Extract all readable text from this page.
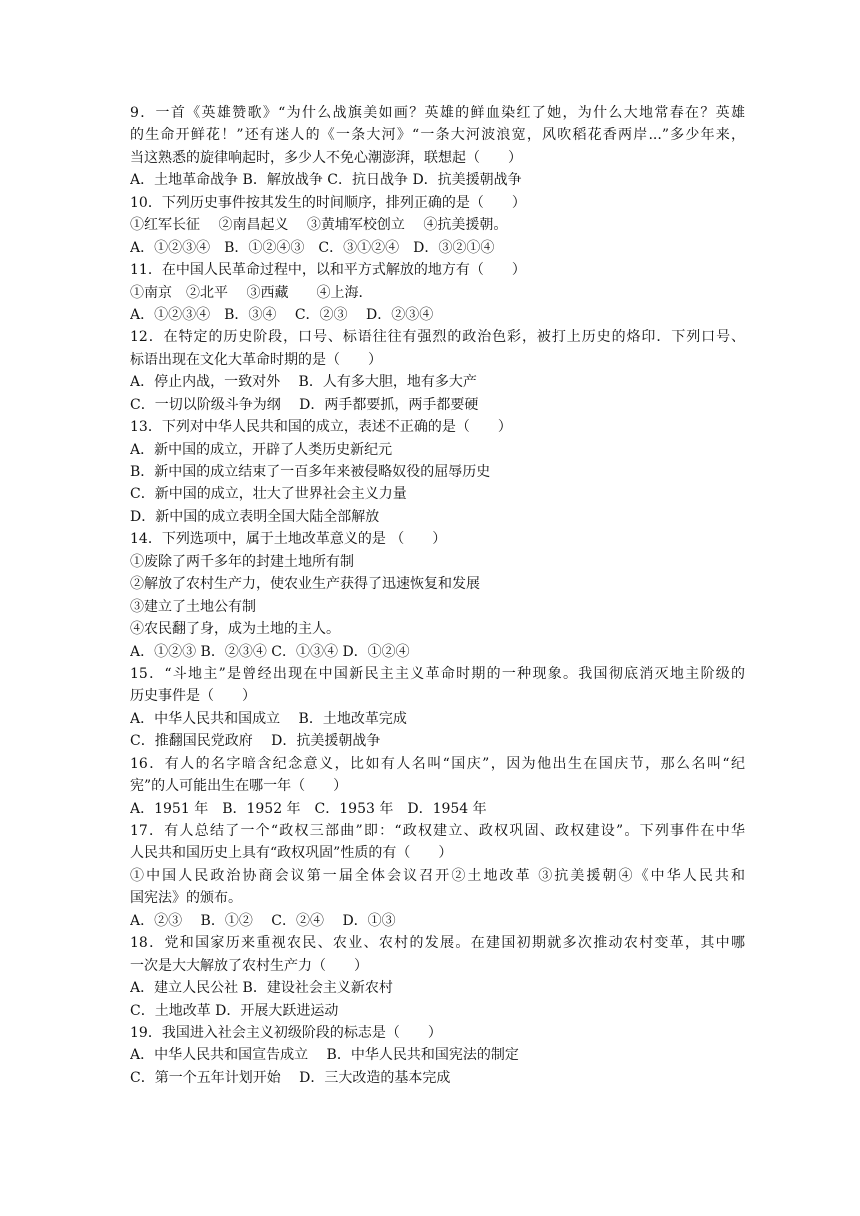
9．一首《英雄赞歌》“为什么战旗美如画？英雄的鲜血染红了她，为什么大地常春在？英雄
的生命开鲜花！”还有迷人的《一条大河》“一条大河波浪宽，风吹稻花香两岸...”多少年来，
当这熟悉的旋律响起时，多少人不免心潮澎湃，联想起（　　）
A．土地革命战争 B．解放战争 C．抗日战争 D．抗美援朝战争
10．下列历史事件按其发生的时间顺序，排列正确的是（　　）
①红军长征　 ②南昌起义　 ③黄埔军校创立　 ④抗美援朝。
A．①②③④　B．①②④③　C．③①②④　D．③②①④
11．在中国人民革命过程中，以和平方式解放的地方有（　　）
①南京　②北平　 ③西藏　　④上海．
A．①②③④　B．③④　 C．②③　 D．②③④
12．在特定的历史阶段，口号、标语往往有强烈的政治色彩，被打上历史的烙印．下列口号、
标语出现在文化大革命时期的是（　　）
A．停止内战，一致对外　 B．人有多大胆，地有多大产
C．一切以阶级斗争为纲　 D．两手都要抓，两手都要硬
13．下列对中华人民共和国的成立，表述不正确的是（　　）
A．新中国的成立，开辟了人类历史新纪元
B．新中国的成立结束了一百多年来被侵略奴役的屈辱历史
C．新中国的成立，壮大了世界社会主义力量
D．新中国的成立表明全国大陆全部解放
14．下列选项中，属于土地改革意义的是 （　　）
①废除了两千多年的封建土地所有制
②解放了农村生产力，使农业生产获得了迅速恢复和发展
③建立了土地公有制
④农民翻了身，成为土地的主人。
A．①②③ B．②③④ C．①③④ D．①②④
15．“斗地主”是曾经出现在中国新民主主义革命时期的一种现象。我国彻底消灭地主阶级的
历史事件是（　　）
A．中华人民共和国成立　 B．土地改革完成
C．推翻国民党政府　 D．抗美援朝战争
16．有人的名字暗含纪念意义，比如有人名叫“国庆”，因为他出生在国庆节，那么名叫“纪
宪”的人可能出生在哪一年（　　）
A．1951 年　B．1952 年　C．1953 年　D．1954 年
17．有人总结了一个“政权三部曲”即：“政权建立、政权巩固、政权建设”。下列事件在中华
人民共和国历史上具有“政权巩固”性质的有（　　）
①中国人民政治协商会议第一届全体会议召开②土地改革 ③抗美援朝④《中华人民共和
国宪法》的颁布。
A．②③　 B．①②　 C．②④　 D．①③
18．党和国家历来重视农民、农业、农村的发展。在建国初期就多次推动农村变革，其中哪
一次是大大解放了农村生产力（　　）
A．建立人民公社 B．建设社会主义新农村
C．土地改革 D．开展大跃进运动
19．我国进入社会主义初级阶段的标志是（　　）
A．中华人民共和国宣告成立　 B．中华人民共和国宪法的制定
C．第一个五年计划开始　 D．三大改造的基本完成
